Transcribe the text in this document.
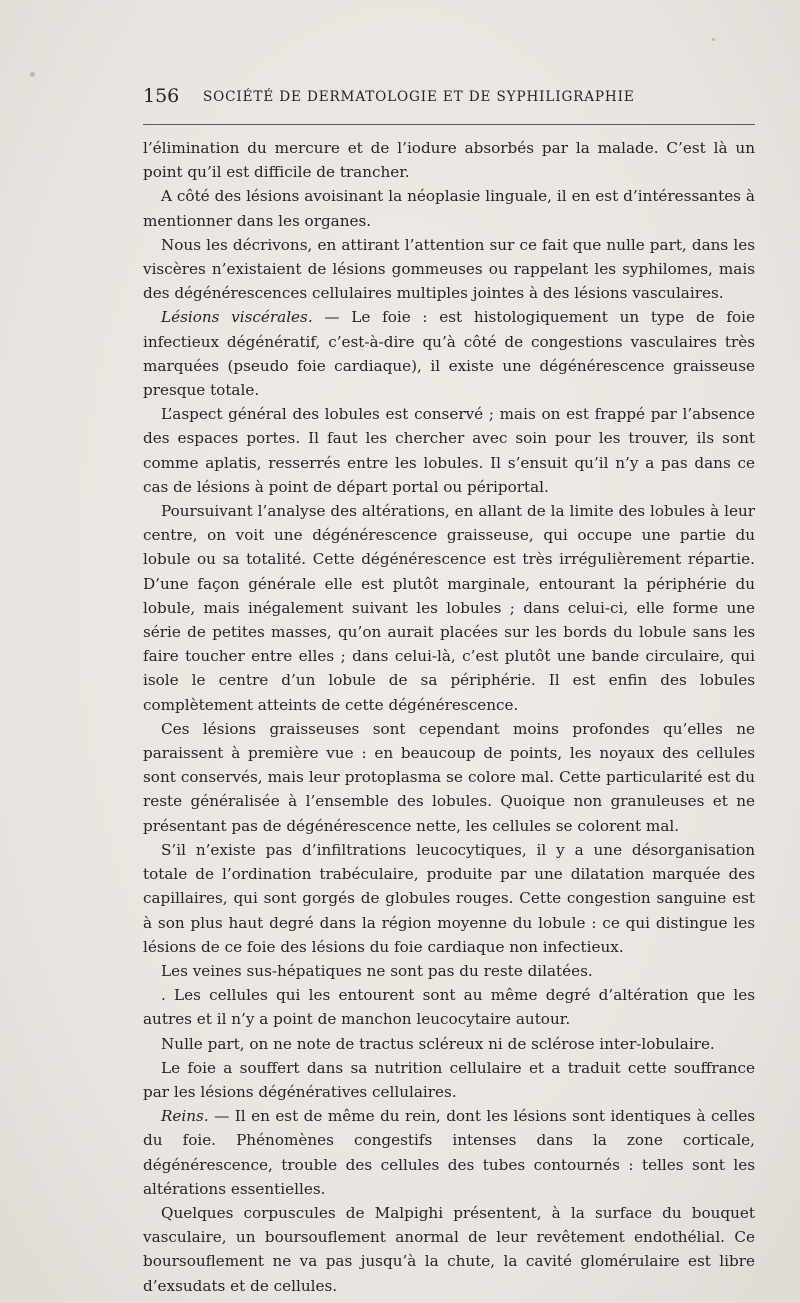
156 SOCIÉTÉ DE DERMATOLOGIE ET DE SYPHILIGRAPHIE

l’élimination du mercure et de l’iodure absorbés par la malade. C’est là un point qu’il est difficile de trancher.

A côté des lésions avoisinant la néoplasie linguale, il en est d’intéressantes à mentionner dans les organes.

Nous les décrivons, en attirant l’attention sur ce fait que nulle part, dans les viscères n’existaient de lésions gommeuses ou rappelant les syphilomes, mais des dégénérescences cellulaires multiples jointes à des lésions vasculaires.

Lésions viscérales. — Le foie : est histologiquement un type de foie infectieux dégénératif, c’est-à-dire qu’à côté de congestions vasculaires très marquées (pseudo foie cardiaque), il existe une dégénérescence graisseuse presque totale.

L’aspect général des lobules est conservé ; mais on est frappé par l’absence des espaces portes. Il faut les chercher avec soin pour les trouver, ils sont comme aplatis, resserrés entre les lobules. Il s’ensuit qu’il n’y a pas dans ce cas de lésions à point de départ portal ou périportal.

Poursuivant l’analyse des altérations, en allant de la limite des lobules à leur centre, on voit une dégénérescence graisseuse, qui occupe une partie du lobule ou sa totalité. Cette dégénérescence est très irrégulièrement répartie. D’une façon générale elle est plutôt marginale, entourant la périphérie du lobule, mais inégalement suivant les lobules ; dans celui-ci, elle forme une série de petites masses, qu’on aurait placées sur les bords du lobule sans les faire toucher entre elles ; dans celui-là, c’est plutôt une bande circulaire, qui isole le centre d’un lobule de sa périphérie. Il est enfin des lobules complètement atteints de cette dégénérescence.

Ces lésions graisseuses sont cependant moins profondes qu’elles ne paraissent à première vue : en beaucoup de points, les noyaux des cellules sont conservés, mais leur protoplasma se colore mal. Cette particularité est du reste généralisée à l’ensemble des lobules. Quoique non granuleuses et ne présentant pas de dégénérescence nette, les cellules se colorent mal.

S’il n’existe pas d’infiltrations leucocytiques, il y a une désorganisation totale de l’ordination trabéculaire, produite par une dilatation marquée des capillaires, qui sont gorgés de globules rouges. Cette congestion sanguine est à son plus haut degré dans la région moyenne du lobule : ce qui distingue les lésions de ce foie des lésions du foie cardiaque non infectieux.

Les veines sus-hépatiques ne sont pas du reste dilatées.

. Les cellules qui les entourent sont au même degré d’altération que les autres et il n’y a point de manchon leucocytaire autour.

Nulle part, on ne note de tractus scléreux ni de sclérose inter-lobulaire.

Le foie a souffert dans sa nutrition cellulaire et a traduit cette souffrance par les lésions dégénératives cellulaires.

Reins. — Il en est de même du rein, dont les lésions sont identiques à celles du foie. Phénomènes congestifs intenses dans la zone corticale, dégénérescence, trouble des cellules des tubes contournés : telles sont les altérations essentielles.

Quelques corpuscules de Malpighi présentent, à la surface du bouquet vasculaire, un boursouflement anormal de leur revêtement endothélial. Ce boursouflement ne va pas jusqu’à la chute, la cavité glomérulaire est libre d’exsudats et de cellules.
